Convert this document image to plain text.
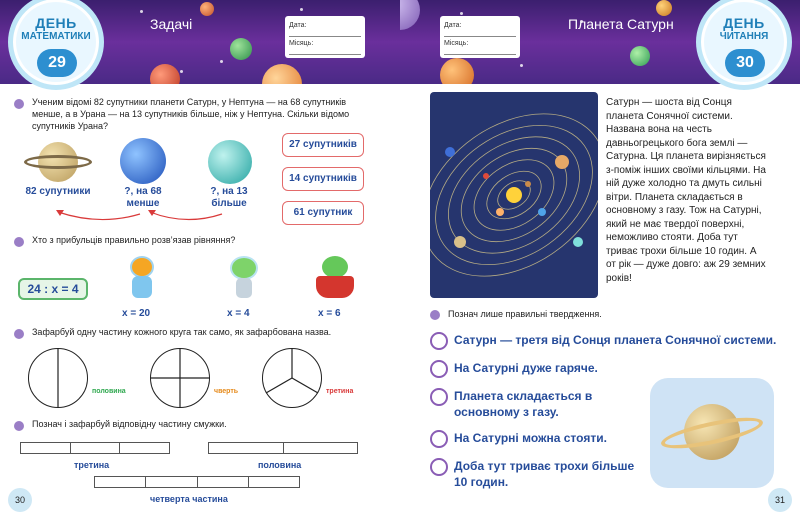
Задачі	Дата:
Місяць:
ДЕНЬ
МАТЕМАТИКИ
29
Ученим відомі 82 супутники планети Сатурн, у Нептуна — на 68 супутників менше, а в Урана — на 13 супутників більше, ніж у Нептуна. Скільки відомо супутників Урана?
82 супутники	?, на 68
менше
?, на 13
більше
27 супутників
14 супутників
61 супутник
Хто з прибульців правильно розв’язав рівняння?
24 : x = 4
x = 20	x = 4	x = 6
Зафарбуй одну частину кожного круга так само, як зафарбована назва.
половина	чверть	третина
Познач і зафарбуй відповідну частину смужки.
третина	половина
четверта частина
30
Дата:
Місяць:
Планета Сатурн	ДЕНЬ
ЧИТАННЯ
30
Сатурн — шоста від Сонця планета Сонячної системи. Названа вона на честь давньогрецького бога землі — Сатурна. Ця планета вирізняється з-поміж інших своїми кільцями. На ній дуже холодно та дмуть сильні вітри. Планета складається в основному з газу. Тож на Сатурні, який не має твердої поверхні, неможливо стояти. Доба тут триває трохи більше 10 годин. А от рік — дуже довго: аж 29 земних років!
Познач лише правильні твердження.
Сатурн — третя від Сонця планета Сонячної системи.
На Сатурні дуже гаряче.
Планета складається в основному з газу.
На Сатурні можна стояти.
Доба тут триває трохи більше 10 годин.
31
